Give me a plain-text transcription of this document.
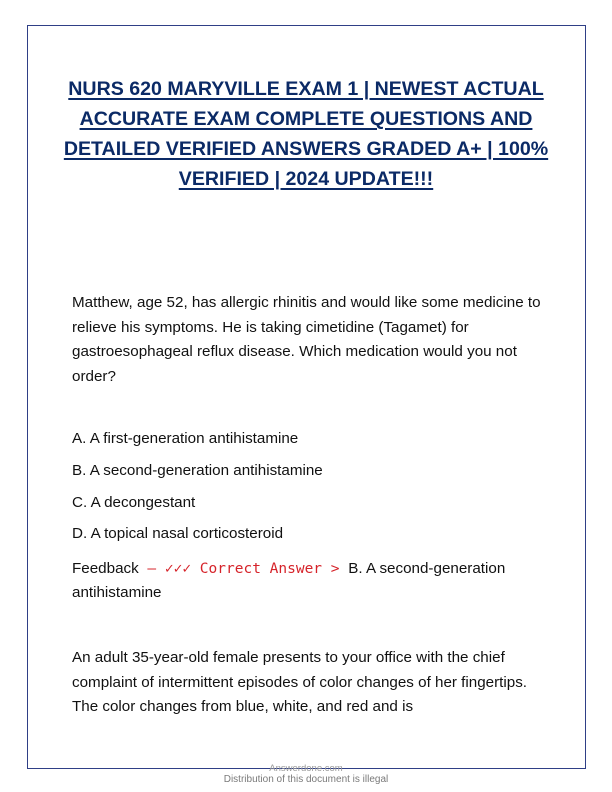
NURS 620 MARYVILLE EXAM 1 | NEWEST ACTUAL ACCURATE EXAM COMPLETE QUESTIONS AND DETAILED VERIFIED ANSWERS GRADED A+ | 100% VERIFIED | 2024 UPDATE!!!

Matthew, age 52, has allergic rhinitis and would like some medicine to relieve his symptoms. He is taking cimetidine (Tagamet) for gastroesophageal reflux disease. Which medication would you not order?

A. A first-generation antihistamine

B. A second-generation antihistamine

C. A decongestant

D. A topical nasal corticosteroid

Feedback – ✓✓✓ Correct Answer > B. A second-generation antihistamine

An adult 35-year-old female presents to your office with the chief complaint of intermittent episodes of color changes of her fingertips. The color changes from blue, white, and red and is

Answerdone.com
Distribution of this document is illegal
